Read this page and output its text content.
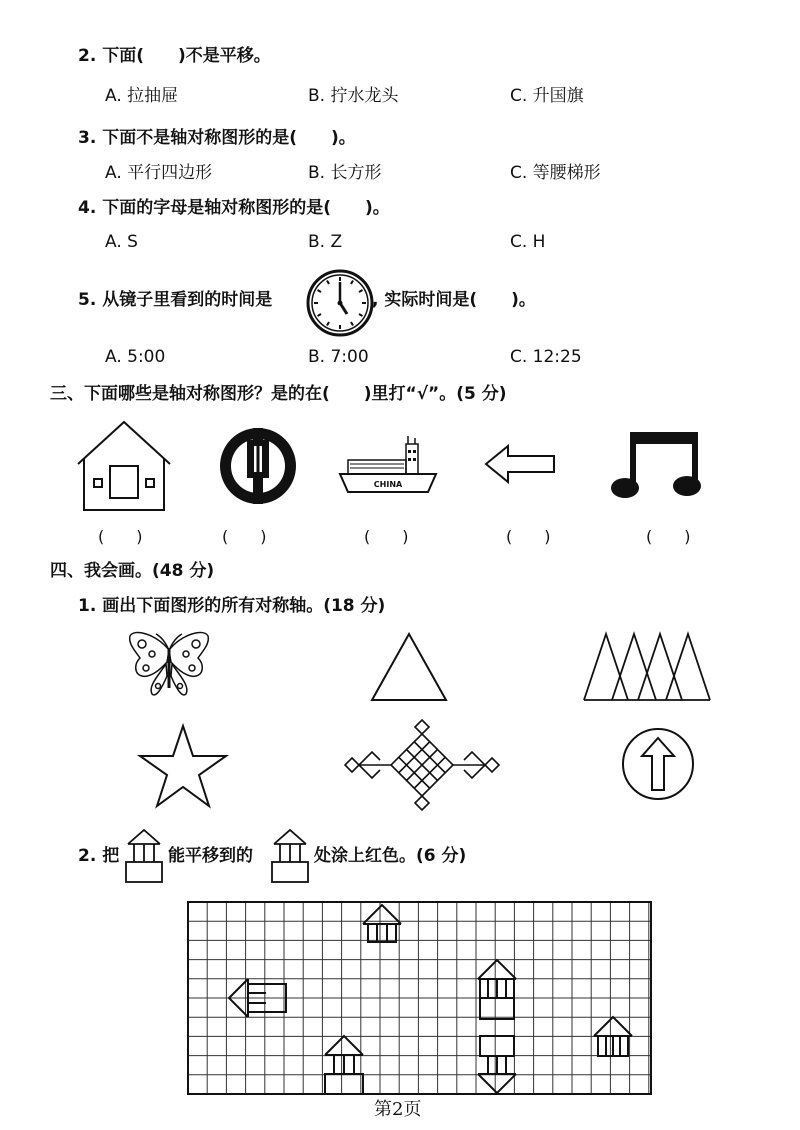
2. 下面(　　)不是平移。
A. 拉抽屉	B. 拧水龙头	C. 升国旗
3. 下面不是轴对称图形的是(　　)。
A. 平行四边形	B. 长方形	C. 等腰梯形
4. 下面的字母是轴对称图形的是(　　)。
A. S	B. Z	C. H
5. 从镜子里看到的时间是	, 实际时间是(　　)。
A. 5:00	B. 7:00	C. 12:25
三、下面哪些是轴对称图形？是的在(　　)里打“√”。(5 分)
CHINA
(　　)	(　　)	(　　)	(　　)	(　　)
四、我会画。(48 分)
1. 画出下面图形的所有对称轴。(18 分)
2. 把	能平移到的	处涂上红色。(6 分)
第2页
